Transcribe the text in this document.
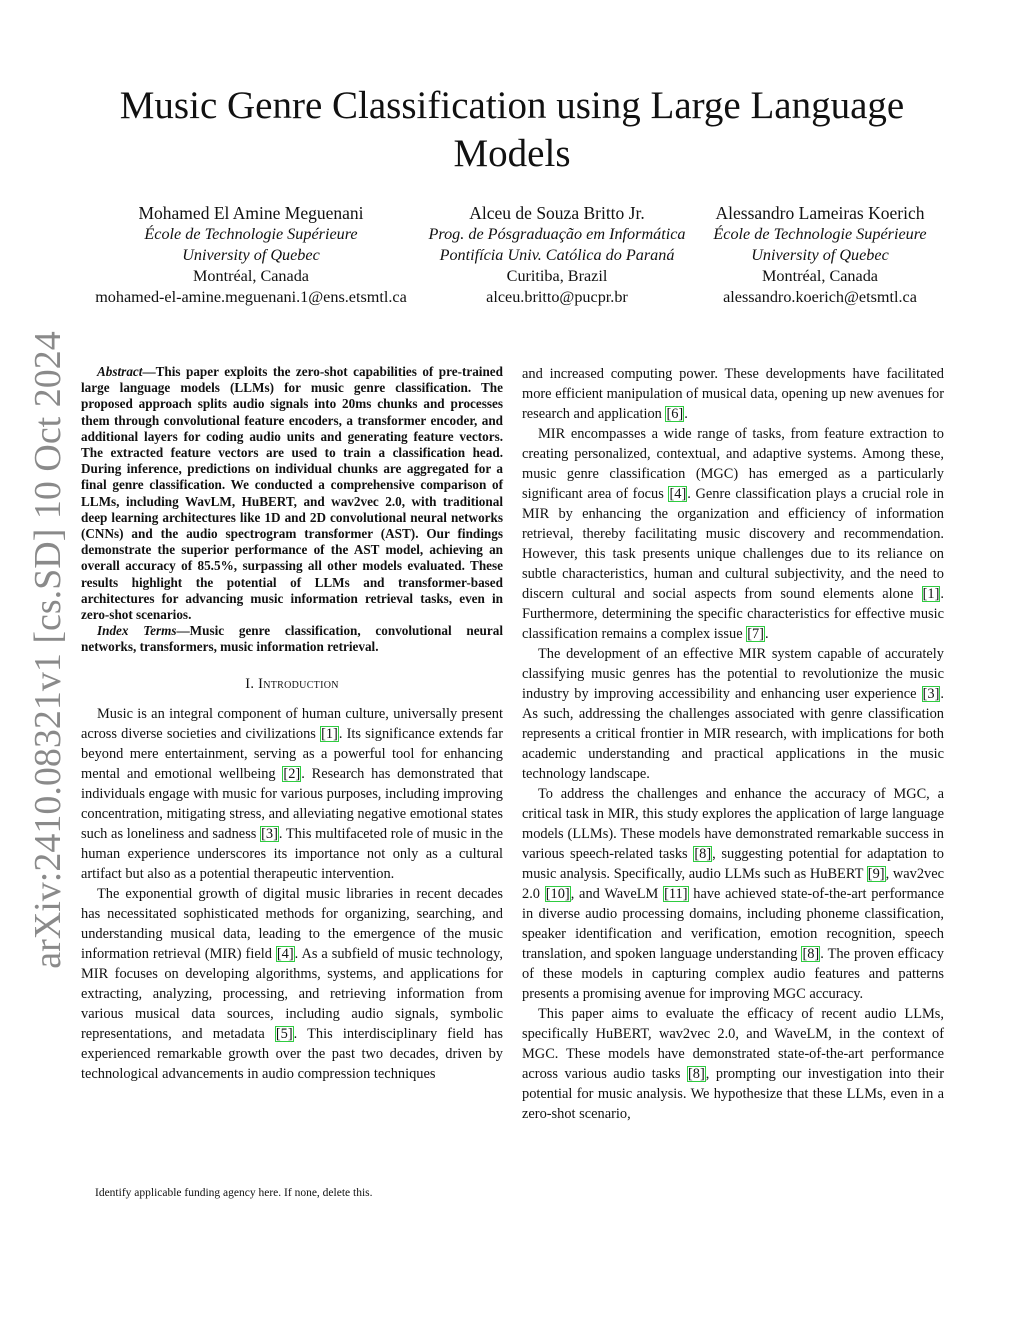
Music Genre Classification using Large Language Models
Mohamed El Amine Meguenani
École de Technologie Supérieure
University of Quebec
Montréal, Canada
mohamed-el-amine.meguenani.1@ens.etsmtl.ca
Alceu de Souza Britto Jr.
Prog. de Pósgraduação em Informática
Pontifícia Univ. Católica do Paraná
Curitiba, Brazil
alceu.britto@pucpr.br
Alessandro Lameiras Koerich
École de Technologie Supérieure
University of Quebec
Montréal, Canada
alessandro.koerich@etsmtl.ca
arXiv:2410.08321v1 [cs.SD] 10 Oct 2024	Abstract—This paper exploits the zero-shot capabilities of pre-trained large language models (LLMs) for music genre classification. The proposed approach splits audio signals into 20ms chunks and processes them through convolutional feature encoders, a transformer encoder, and additional layers for coding audio units and generating feature vectors. The extracted feature vectors are used to train a classification head. During inference, predictions on individual chunks are aggregated for a final genre classification. We conducted a comprehensive comparison of LLMs, including WavLM, HuBERT, and wav2vec 2.0, with traditional deep learning architectures like 1D and 2D convolutional neural networks (CNNs) and the audio spectrogram transformer (AST). Our findings demonstrate the superior performance of the AST model, achieving an overall accuracy of 85.5%, surpassing all other models evaluated. These results highlight the potential of LLMs and transformer-based architectures for advancing music information retrieval tasks, even in zero-shot scenarios.

Index Terms—Music genre classification, convolutional neural networks, transformers, music information retrieval.

I. Introduction

Music is an integral component of human culture, universally present across diverse societies and civilizations [1]. Its significance extends far beyond mere entertainment, serving as a powerful tool for enhancing mental and emotional wellbeing [2]. Research has demonstrated that individuals engage with music for various purposes, including improving concentration, mitigating stress, and alleviating negative emotional states such as loneliness and sadness [3]. This multifaceted role of music in the human experience underscores its importance not only as a cultural artifact but also as a potential therapeutic intervention.

The exponential growth of digital music libraries in recent decades has necessitated sophisticated methods for organizing, searching, and understanding musical data, leading to the emergence of the music information retrieval (MIR) field [4]. As a subfield of music technology, MIR focuses on developing algorithms, systems, and applications for extracting, analyzing, processing, and retrieving information from various musical data sources, including audio signals, symbolic representations, and metadata [5]. This interdisciplinary field has experienced remarkable growth over the past two decades, driven by technological advancements in audio compression techniques

and increased computing power. These developments have facilitated more efficient manipulation of musical data, opening up new avenues for research and application [6].

MIR encompasses a wide range of tasks, from feature extraction to creating personalized, contextual, and adaptive systems. Among these, music genre classification (MGC) has emerged as a particularly significant area of focus [4]. Genre classification plays a crucial role in MIR by enhancing the organization and efficiency of information retrieval, thereby facilitating music discovery and recommendation. However, this task presents unique challenges due to its reliance on subtle characteristics, human and cultural subjectivity, and the need to discern cultural and social aspects from sound elements alone [1]. Furthermore, determining the specific characteristics for effective music classification remains a complex issue [7].

The development of an effective MIR system capable of accurately classifying music genres has the potential to revolutionize the music industry by improving accessibility and enhancing user experience [3]. As such, addressing the challenges associated with genre classification represents a critical frontier in MIR research, with implications for both academic understanding and practical applications in the music technology landscape.

To address the challenges and enhance the accuracy of MGC, a critical task in MIR, this study explores the application of large language models (LLMs). These models have demonstrated remarkable success in various speech-related tasks [8], suggesting potential for adaptation to music analysis. Specifically, audio LLMs such as HuBERT [9], wav2vec 2.0 [10], and WaveLM [11] have achieved state-of-the-art performance in diverse audio processing domains, including phoneme classification, speaker identification and verification, emotion recognition, speech translation, and spoken language understanding [8]. The proven efficacy of these models in capturing complex audio features and patterns presents a promising avenue for improving MGC accuracy.

This paper aims to evaluate the efficacy of recent audio LLMs, specifically HuBERT, wav2vec 2.0, and WaveLM, in the context of MGC. These models have demonstrated state-of-the-art performance across various audio tasks [8], prompting our investigation into their potential for music analysis. We hypothesize that these LLMs, even in a zero-shot scenario,

Identify applicable funding agency here. If none, delete this.
